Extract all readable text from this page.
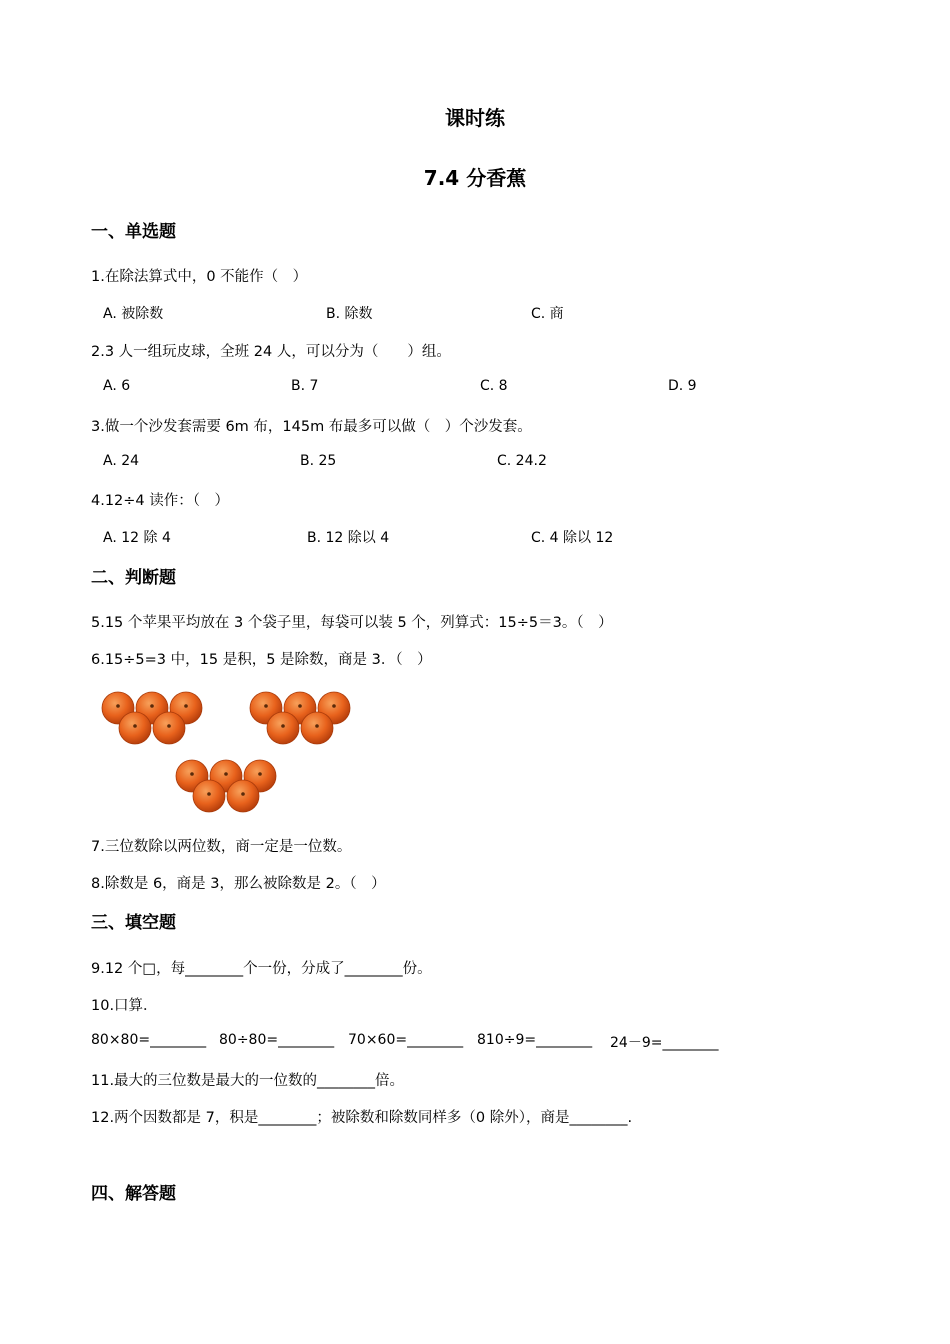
课时练
7.4 分香蕉
一、单选题
1.在除法算式中，0 不能作（　）
A. 被除数	B. 除数	C. 商
2.3 人一组玩皮球，全班 24 人，可以分为（　　）组。
A. 6	B. 7	C. 8	D. 9
3.做一个沙发套需要 6m 布，145m 布最多可以做（　）个沙发套。
A. 24	B. 25	C. 24.2
4.12÷4 读作：（　）
A. 12 除 4	B. 12 除以 4	C. 4 除以 12
二、判断题
5.15 个苹果平均放在 3 个袋子里，每袋可以装 5 个，列算式：15÷5＝3。（　）
6.15÷5=3 中，15 是积，5 是除数，商是 3．（　）
7.三位数除以两位数，商一定是一位数。
8.除数是 6，商是 3，那么被除数是 2。（　）
三、填空题
9.12 个□，每________个一份，分成了________份。
10.口算．
80×80=________ 80÷80=________ 70×60=________ 810÷9=________ 24－9=________
11.最大的三位数是最大的一位数的________倍。
12.两个因数都是 7，积是________；被除数和除数同样多（0 除外），商是________.
四、解答题
